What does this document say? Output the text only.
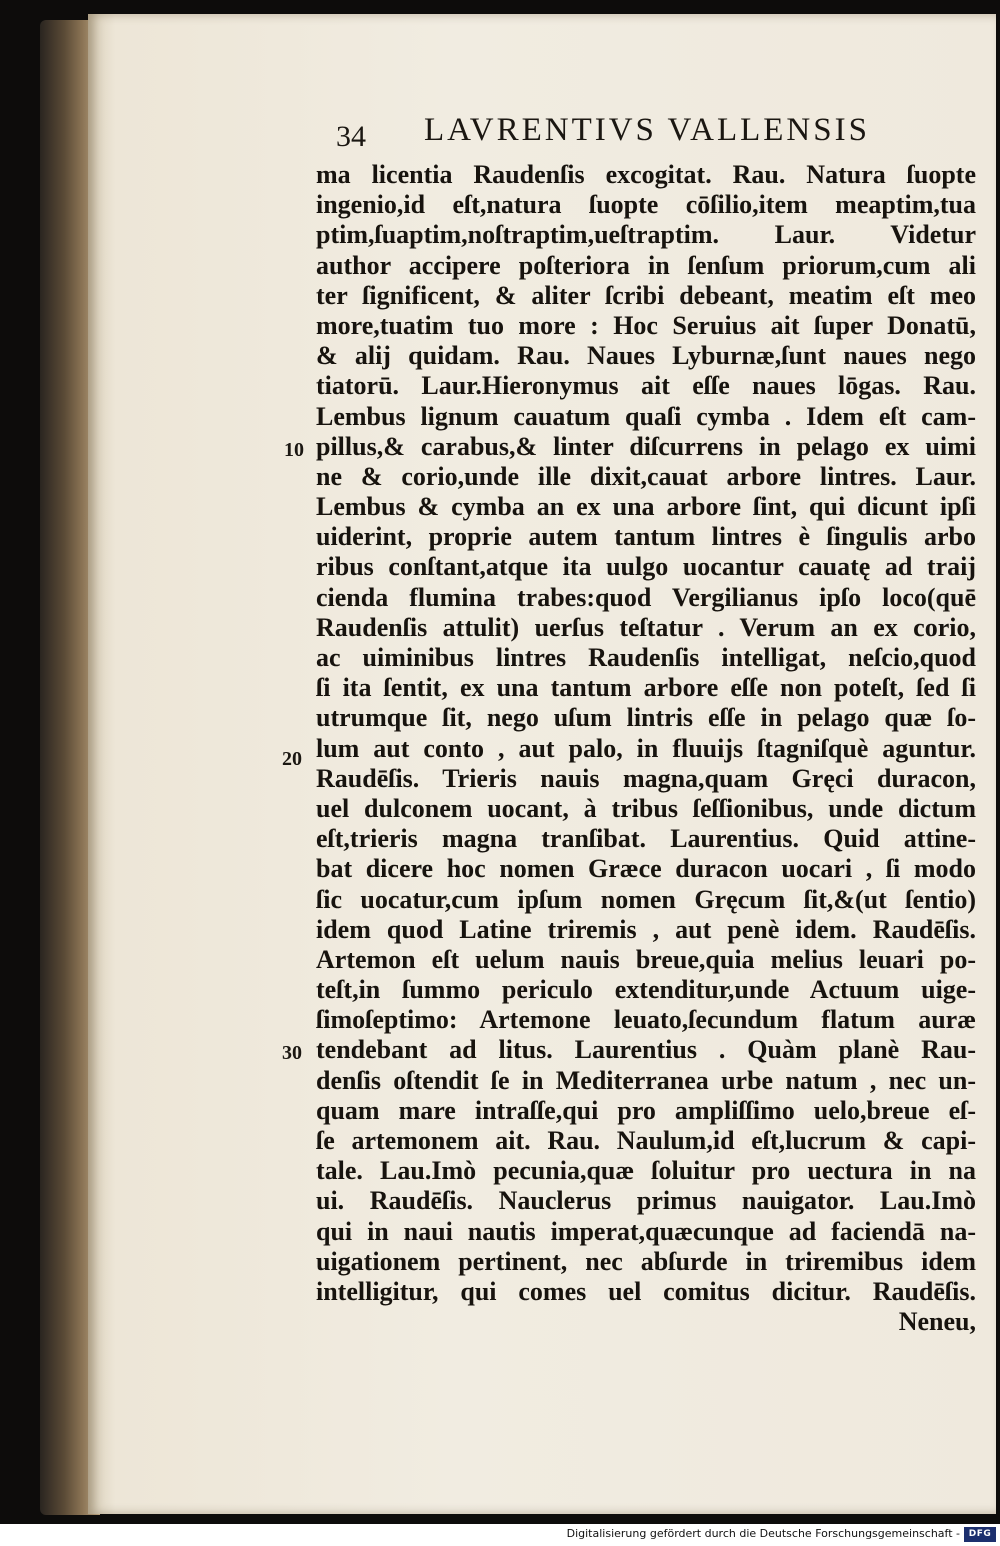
34 LAVRENTIVS VALLENSIS
10
20
30
ma licentia Raudenſis excogitat. Rau. Natura ſuopte
ingenio,id eſt,natura ſuopte cōſilio,item meaptim,tua
ptim,ſuaptim,noſtraptim,ueſtraptim. Laur. Videtur
author accipere poſteriora in ſenſum priorum,cum ali
ter ſignificent, & aliter ſcribi debeant, meatim eſt meo
more,tuatim tuo more : Hoc Seruius ait ſuper Donatū,
& alij quidam. Rau. Naues Lyburnæ,ſunt naues nego
tiatorū. Laur.Hieronymus ait eſſe naues lōgas. Rau.
Lembus lignum cauatum quaſi cymba . Idem eſt cam-
pillus,& carabus,& linter diſcurrens in pelago ex uimi
ne & corio,unde ille dixit,cauat arbore lintres. Laur.
Lembus & cymba an ex una arbore ſint, qui dicunt ipſi
uiderint, proprie autem tantum lintres è ſingulis arbo
ribus conſtant,atque ita uulgo uocantur cauatę ad traij
cienda flumina trabes:quod Vergilianus ipſo loco(quē
Raudenſis attulit) uerſus teſtatur . Verum an ex corio,
ac uiminibus lintres Raudenſis intelligat, neſcio,quod
ſi ita ſentit, ex una tantum arbore eſſe non poteſt, ſed ſi
utrumque ſit, nego uſum lintris eſſe in pelago quæ ſo-
lum aut conto , aut palo, in fluuijs ſtagniſquè aguntur.
Raudēſis. Trieris nauis magna,quam Gręci duracon,
uel dulconem uocant, à tribus ſeſſionibus, unde dictum
eſt,trieris magna tranſibat. Laurentius. Quid attine-
bat dicere hoc nomen Græce duracon uocari , ſi modo
ſic uocatur,cum ipſum nomen Gręcum ſit,&(ut ſentio)
idem quod Latine triremis , aut penè idem. Raudēſis.
Artemon eſt uelum nauis breue,quia melius leuari po-
teſt,in ſummo periculo extenditur,unde Actuum uige-
ſimoſeptimo: Artemone leuato,ſecundum flatum auræ
tendebant ad litus. Laurentius . Quàm planè Rau-
denſis oſtendit ſe in Mediterranea urbe natum , nec un-
quam mare intraſſe,qui pro ampliſſimo uelo,breue eſ-
ſe artemonem ait. Rau. Naulum,id eſt,lucrum & capi-
tale. Lau.Imò pecunia,quæ ſoluitur pro uectura in na
ui. Raudēſis. Nauclerus primus nauigator. Lau.Imò
qui in naui nautis imperat,quæcunque ad faciendā na-
uigationem pertinent, nec abſurde in triremibus idem
intelligitur, qui comes uel comitus dicitur. Raudēſis.
Neneu,
Digitalisierung gefördert durch die Deutsche Forschungsgemeinschaft - DFG
